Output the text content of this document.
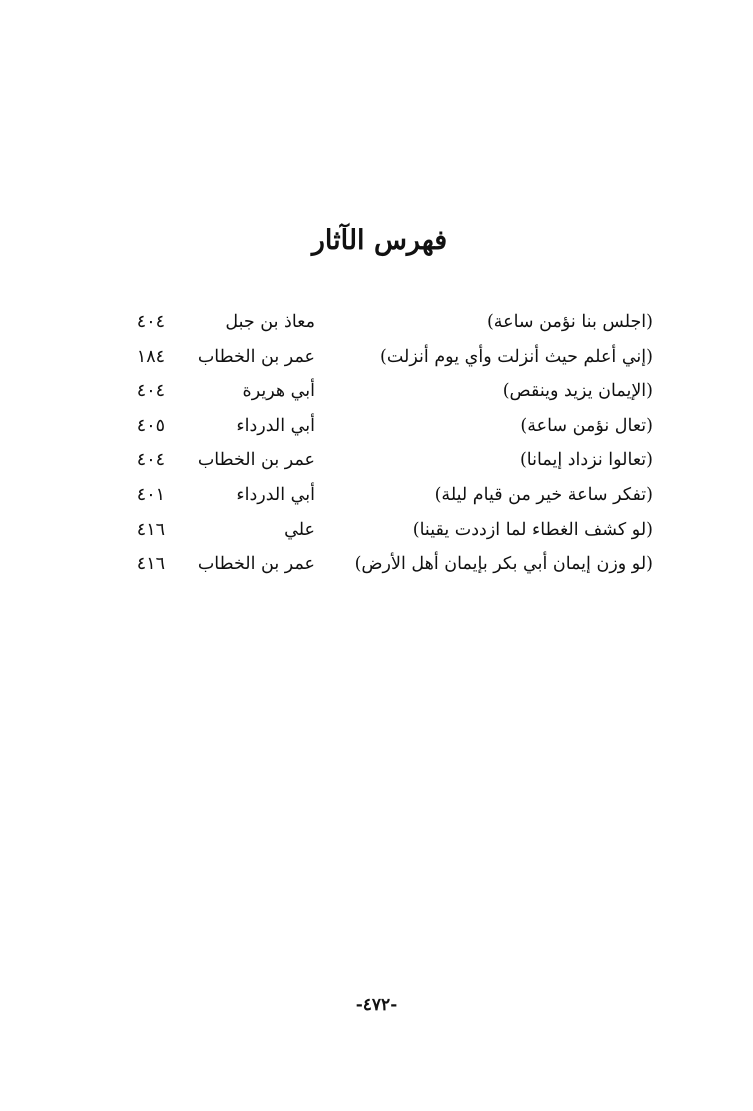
فهرس الآثار
(اجلس بنا نؤمن ساعة)
معاذ بن جبل
٤٠٤
(إني أعلم حيث أنزلت وأي يوم أنزلت)
عمر بن الخطاب
١٨٤
(الإيمان يزيد وينقص)
أبي هريرة
٤٠٤
(تعال نؤمن ساعة)
أبي الدرداء
٤٠٥
(تعالوا نزداد إيمانا)
عمر بن الخطاب
٤٠٤
(تفكر ساعة خير من قيام ليلة)
أبي الدرداء
٤٠١
(لو كشف الغطاء لما ازددت يقينا)
علي
٤١٦
(لو وزن إيمان أبي بكر بإيمان أهل الأرض)
عمر بن الخطاب
٤١٦
-٤٧٢-
